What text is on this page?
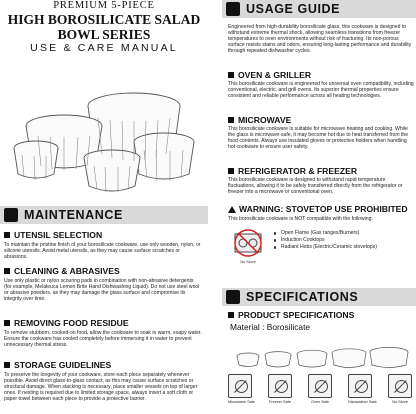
PREMIUM 5-PIECE
HIGH BOROSILICATE SALAD
BOWL SERIES
USE & CARE MANUAL
MAINTENANCE
UTENSIL SELECTION
To maintain the pristine finish of your borosilicate cookware, use only wooden, nylon, or silicone utensils. Avoid metal utensils, as they may cause surface scratches or abrasions.
CLEANING & ABRASIVES
Use only plastic or nylon scouring pads in combination with non-abrasive detergents (for example, Melaleuca Lemon Brite Hand Dishwashing Liquid). Do not use steel wool or abrasive powders, as they may damage the glass surface and compromise its integrity over time.
REMOVING FOOD RESIDUE
To remove stubborn, cooked-on food, allow the cookware to soak in warm, soapy water. Ensure the cookware has cooled completely before immersing it in water to prevent unnecessary thermal stress.
STORAGE GUIDELINES
To preserve the longevity of your cookware, store each piece separately whenever possible. Avoid direct glass-to-glass contact, as this may cause surface scratches or structural damage. When stacking is necessary, place smaller vessels on top of larger ones. If nesting is required due to limited storage space, always insert a soft cloth or paper towel between each piece to provide a protective barrier.
USAGE GUIDE
Engineered from high-durability borosilicate glass, this cookware is designed to withstand extreme thermal shock, allowing seamless transitions from freezer temperatures to oven environments without risk of fracturing. Its non-porous surface resists stains and odors, ensuring long-lasting performance and durability through repeated dishwasher cycles.
OVEN & GRILLER
This borosilicate cookware is engineered for universal oven compatibility, including conventional, electric, and grill ovens. Its superior thermal properties ensure consistent and reliable performance across all heating technologies.
MICROWAVE
This borosilicate cookware is suitable for microwave heating and cooking. While the glass is microwave-safe, it may become hot due to heat transferred from the food contents. Always use insulated gloves or protective holders when handling hot cookware to ensure user safety.
REFRIGERATOR & FREEZER
This borosilicate cookware is designed to withstand rapid temperature fluctuations, allowing it to be safely transferred directly from the refrigerator or freezer into a microwave or conventional oven.
WARNING: STOVETOP USE PROHIBITED
This borosilicate cookware is NOT compatible with the following:
Open Flame (Gas ranges/Burners)
Induction Cooktops
Radiant Hobs (Electric/Ceramic stovetops)
No Stove
SPECIFICATIONS
PRODUCT SPECIFICATIONS
Material : Borosilicate
Microwave Safe	Freezer Safe	Oven Safe	Dishwasher Safe	No Stove
